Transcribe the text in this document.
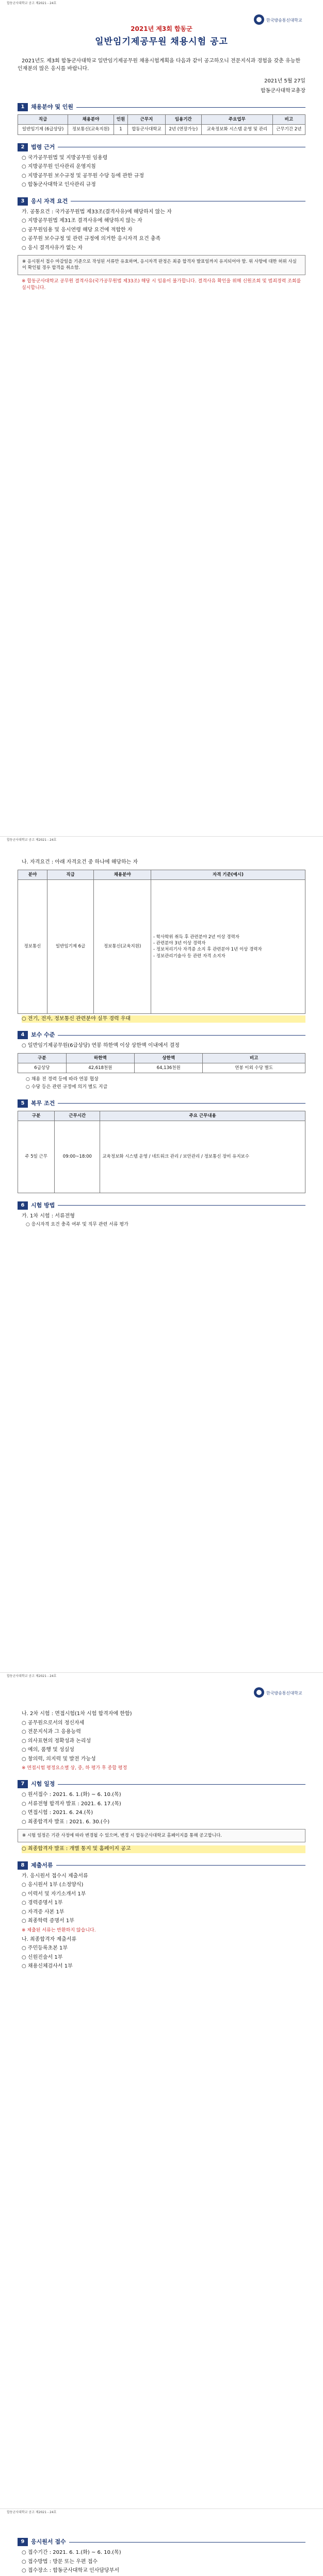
합동군사대학교 공고 제2021 - 24호
한국방송통신대학교
2021년 제3회 합동군
일반임기제공무원 채용시험 공고
2021년도 제3회 합동군사대학교 일반임기제공무원 채용시험계획을 다음과 같이 공고하오니 전문지식과 경험을 갖춘 유능한 인재분의 많은 응시를 바랍니다.
2021년 5월 27일
합동군사대학교총장
1	채용분야 및 인원
직급	채용분야	인원	근무지	임용기간	주요업무	비고
일반임기제 (6급상당)	정보통신(교육지원)	1	합동군사대학교	2년 (연장가능)	교육정보화 시스템 운영 및 관리	근무기간 2년
2	법령 근거
○ 국가공무원법 및 지방공무원 임용령
○ 지방공무원 인사관리 운영지침
○ 지방공무원 보수규정 및 공무원 수당 등에 관한 규정
○ 합동군사대학교 인사관리 규정
3	응시 자격 요건
가. 공통요건 : 국가공무원법 제33조(결격사유)에 해당하지 않는 자
○ 지방공무원법 제31조 결격사유에 해당하지 않는 자
○ 공무원임용 및 응시연령 해당 요건에 적합한 자
○ 공무원 보수규정 및 관련 규정에 의거한 응시자격 요건 충족
○ 응시 결격사유가 없는 자
※ 응시원서 접수 마감일을 기준으로 작성된 서류만 유효하며, 응시자격 판정은 최종 합격자 발표일까지 유지되어야 함. 위 사항에 대한 허위 사실이 확인될 경우 합격을 취소함.
※ 합동군사대학교 공무원 결격사유(국가공무원법 제33조) 해당 시 임용이 불가합니다. 결격사유 확인을 위해 신원조회 및 범죄경력 조회를 실시합니다.
합동군사대학교 공고 제2021 - 24호
나. 자격요건 : 아래 자격요건 중 하나에 해당하는 자
분야	직급	채용분야	자격 기준(예시)
정보통신	일반임기제 6급	정보통신(교육지원)	- 학사학위 취득 후 관련분야 2년 이상 경력자
- 관련분야 3년 이상 경력자
- 정보처리기사 자격증 소지 후 관련분야 1년 이상 경력자
- 정보관리기술사 등 관련 자격 소지자
○ 전기, 전자, 정보통신 관련분야 실무 경력 우대
4	보수 수준
○ 일반임기제공무원(6급상당) 연봉 하한액 이상 상한액 이내에서 결정
구분	하한액	상한액	비고
6급상당	42,618천원	64,136천원	연봉 이외 수당 별도
○ 채용 전 경력 등에 따라 연봉 협상
○ 수당 등은 관련 규정에 의거 별도 지급
5	복무 조건
구분	근무시간	주요 근무내용
주 5일 근무	09:00~18:00	교육정보화 시스템 운영 / 네트워크 관리 / 보안관리 / 정보통신 장비 유지보수
6	시험 방법
가. 1차 시험 : 서류전형
○ 응시자격 요건 충족 여부 및 직무 관련 서류 평가
합동군사대학교 공고 제2021 - 24호
한국방송통신대학교
나. 2차 시험 : 면접시험(1차 시험 합격자에 한함)
○ 공무원으로서의 정신자세
○ 전문지식과 그 응용능력
○ 의사표현의 정확성과 논리성
○ 예의, 품행 및 성실성
○ 창의력, 의지력 및 발전 가능성
※ 면접시험 평정요소별 상, 중, 하 평가 후 종합 평정
7	시험 일정
○ 원서접수 : 2021. 6. 1.(화) ~ 6. 10.(목)
○ 서류전형 합격자 발표 : 2021. 6. 17.(목)
○ 면접시험 : 2021. 6. 24.(목)
○ 최종합격자 발표 : 2021. 6. 30.(수)
※ 시험 일정은 기관 사정에 따라 변경될 수 있으며, 변경 시 합동군사대학교 홈페이지를 통해 공고합니다.
○ 최종합격자 발표 : 개별 통지 및 홈페이지 공고
8	제출서류
가. 응시원서 접수시 제출서류
○ 응시원서 1부 (소정양식)
○ 이력서 및 자기소개서 1부
○ 경력증명서 1부
○ 자격증 사본 1부
○ 최종학력 증명서 1부
※ 제출된 서류는 반환하지 않습니다.
나. 최종합격자 제출서류
○ 주민등록초본 1부
○ 신원진술서 1부
○ 채용신체검사서 1부
합동군사대학교 공고 제2021 - 24호
9	응시원서 접수
○ 접수기간 : 2021. 6. 1.(화) ~ 6. 10.(목)
○ 접수방법 : 방문 또는 우편 접수
○ 접수장소 : 합동군사대학교 인사담당부서
